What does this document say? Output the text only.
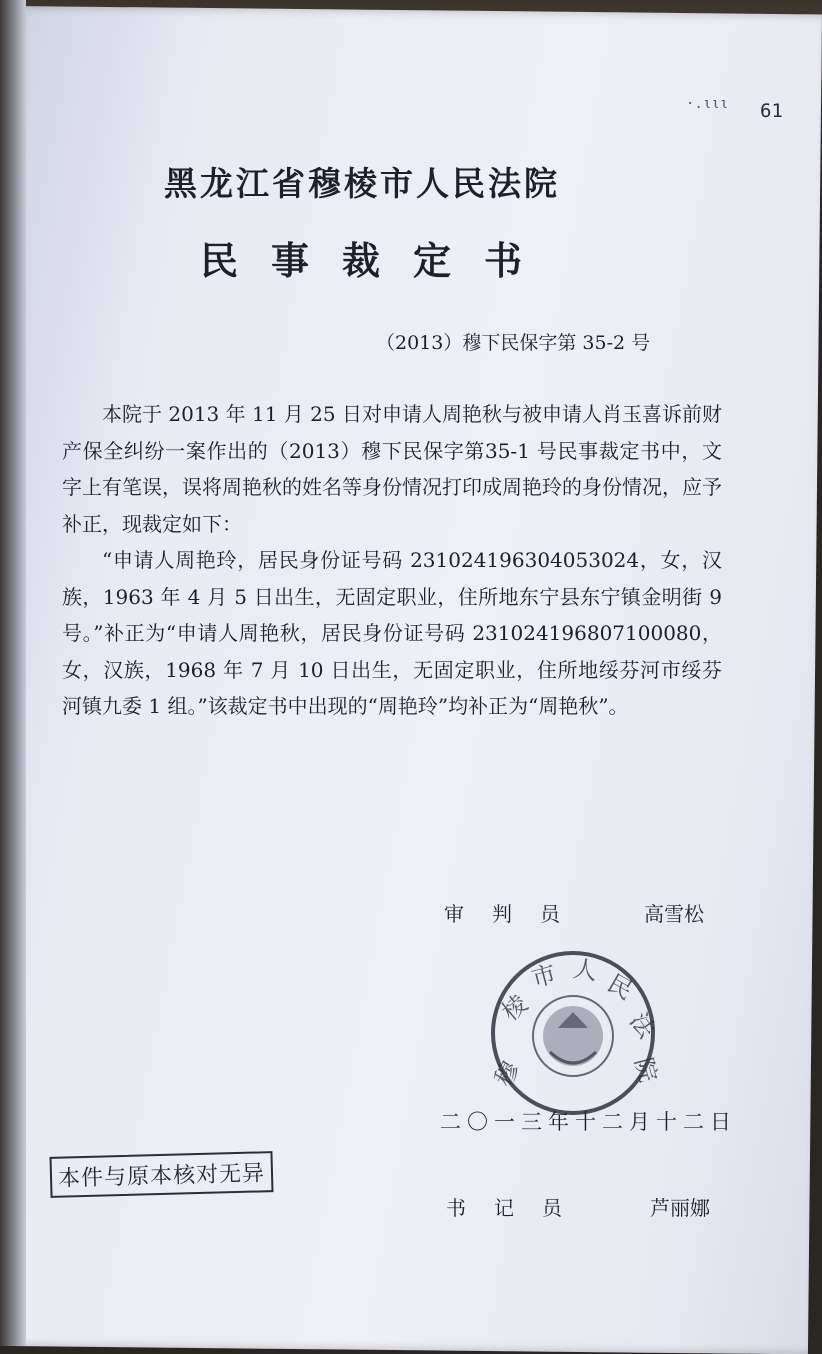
·.ιιι 61
黑龙江省穆棱市人民法院
民事裁定书
（2013）穆下民保字第 35-2 号

本院于 2013 年 11 月 25 日对申请人周艳秋与被申请人肖玉喜诉前财产保全纠纷一案作出的（2013）穆下民保字第35-1 号民事裁定书中，文字上有笔误，误将周艳秋的姓名等身份情况打印成周艳玲的身份情况，应予补正，现裁定如下：

“申请人周艳玲，居民身份证号码 231024196304053024，女，汉族，1963 年 4 月 5 日出生，无固定职业，住所地东宁县东宁镇金明街 9 号。”补正为“申请人周艳秋，居民身份证号码 231024196807100080，女，汉族，1968 年 7 月 10 日出生，无固定职业，住所地绥芬河市绥芬河镇九委 1 组。”该裁定书中出现的“周艳玲”均补正为“周艳秋”。

审判员	高雪松
穆
棱
市 人 民
法
院
二〇一三年十二月十二日
本件与原本核对无异
书记员	芦丽娜
